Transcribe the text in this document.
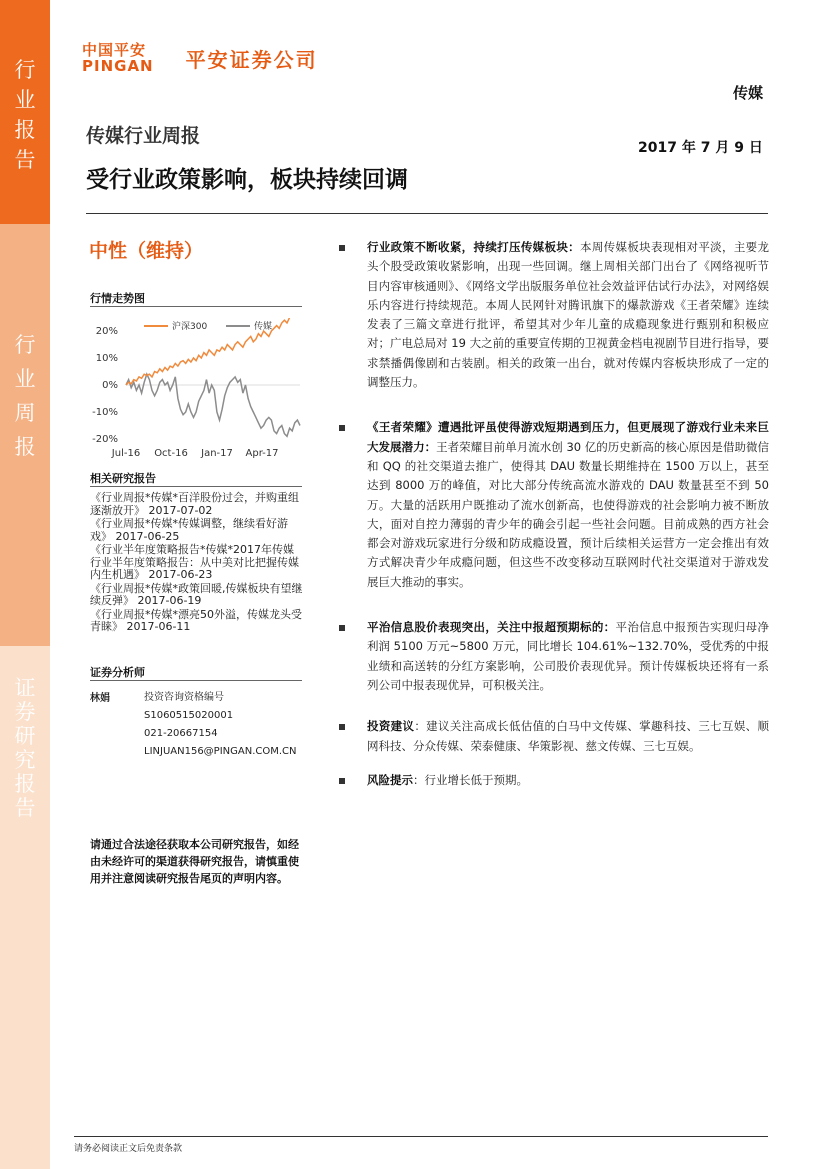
行
业
报
告
行
业
周
报
证
券
研
究
报
告
中国平安
PINGAN 平安证券公司
传媒
传媒行业周报
2017 年 7 月 9 日
受行业政策影响，板块持续回调
中性（维持）
行情走势图
沪深300	传媒
20%
10%
0%
-10%
-20%
Jul-16 Oct-16 Jan-17 Apr-17
相关研究报告
《行业周报*传媒*百洋股份过会，并购重组逐渐放开》 2017-07-02
《行业周报*传媒*传媒调整，继续看好游戏》 2017-06-25
《行业半年度策略报告*传媒*2017年传媒行业半年度策略报告：从中美对比把握传媒内生机遇》 2017-06-23
《行业周报*传媒*政策回暖,传媒板块有望继续反弹》 2017-06-19
《行业周报*传媒*漂亮50外溢，传媒龙头受青睐》 2017-06-11
证券分析师
林娟	投资咨询资格编号
S1060515020001
021-20667154
LINJUAN156@PINGAN.COM.CN
请通过合法途径获取本公司研究报告，如经由未经许可的渠道获得研究报告，请慎重使用并注意阅读研究报告尾页的声明内容。
行业政策不断收紧，持续打压传媒板块：本周传媒板块表现相对平淡，主要龙头个股受政策收紧影响，出现一些回调。继上周相关部门出台了《网络视听节目内容审核通则》、《网络文学出版服务单位社会效益评估试行办法》，对网络娱乐内容进行持续规范。本周人民网针对腾讯旗下的爆款游戏《王者荣耀》连续发表了三篇文章进行批评，希望其对少年儿童的成瘾现象进行甄别和积极应对；广电总局对 19 大之前的重要宣传期的卫视黄金档电视剧节目进行指导，要求禁播偶像剧和古装剧。相关的政策一出台，就对传媒内容板块形成了一定的调整压力。
《王者荣耀》遭遇批评虽使得游戏短期遇到压力，但更展现了游戏行业未来巨大发展潜力：王者荣耀目前单月流水创 30 亿的历史新高的核心原因是借助微信和 QQ 的社交渠道去推广，使得其 DAU 数量长期维持在 1500 万以上，甚至达到 8000 万的峰值，对比大部分传统高流水游戏的 DAU 数量甚至不到 50 万。大量的活跃用户既推动了流水创新高，也使得游戏的社会影响力被不断放大，面对自控力薄弱的青少年的确会引起一些社会问题。目前成熟的西方社会都会对游戏玩家进行分级和防成瘾设置，预计后续相关运营方一定会推出有效方式解决青少年成瘾问题，但这些不改变移动互联网时代社交渠道对于游戏发展巨大推动的事实。
平治信息股价表现突出，关注中报超预期标的：平治信息中报预告实现归母净利润 5100 万元~5800 万元，同比增长 104.61%~132.70%，受优秀的中报业绩和高送转的分红方案影响，公司股价表现优异。预计传媒板块还将有一系列公司中报表现优异，可积极关注。
投资建议：建议关注高成长低估值的白马中文传媒、掌趣科技、三七互娱、顺网科技、分众传媒、荣泰健康、华策影视、慈文传媒、三七互娱。
风险提示：行业增长低于预期。
请务必阅读正文后免责条款
